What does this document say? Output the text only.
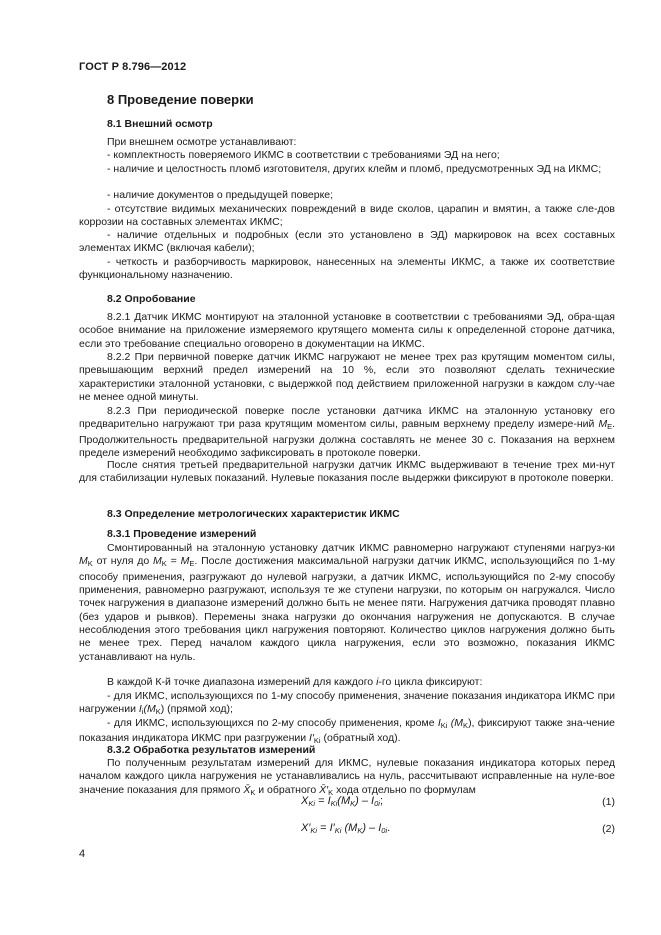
ГОСТ Р 8.796—2012
8 Проведение поверки
8.1 Внешний осмотр
При внешнем осмотре устанавливают:
- комплектность поверяемого ИКМС в соответствии с требованиями ЭД на него;
- наличие и целостность пломб изготовителя, других клейм и пломб, предусмотренных ЭД на ИКМС;
- наличие документов о предыдущей поверке;
- отсутствие видимых механических повреждений в виде сколов, царапин и вмятин, а также сле-дов коррозии на составных элементах ИКМС;
- наличие отдельных и подробных (если это установлено в ЭД) маркировок на всех составных элементах ИКМС (включая кабели);
- четкость и разборчивость маркировок, нанесенных на элементы ИКМС, а также их соответствие функциональному назначению.
8.2 Опробование
8.2.1 Датчик ИКМС монтируют на эталонной установке в соответствии с требованиями ЭД, обра-щая особое внимание на приложение измеряемого крутящего момента силы к определенной стороне датчика, если это требование специально оговорено в документации на ИКМС.
8.2.2 При первичной поверке датчик ИКМС нагружают не менее трех раз крутящим моментом силы, превышающим верхний предел измерений на 10 %, если это позволяют сделать технические характеристики эталонной установки, с выдержкой под действием приложенной нагрузки в каждом слу-чае не менее одной минуты.
8.2.3 При периодической поверке после установки датчика ИКМС на эталонную установку его предварительно нагружают три раза крутящим моментом силы, равным верхнему пределу измере-ний $M_E$. Продолжительность предварительной нагрузки должна составлять не менее 30 с. Показания на верхнем пределе измерений необходимо зафиксировать в протоколе поверки.
После снятия третьей предварительной нагрузки датчик ИКМС выдерживают в течение трех ми-нут для стабилизации нулевых показаний. Нулевые показания после выдержки фиксируют в протоколе поверки.
8.3 Определение метрологических характеристик ИКМС
8.3.1 Проведение измерений
Смонтированный на эталонную установку датчик ИКМС равномерно нагружают ступенями нагруз-ки $M_K$ от нуля до $M_K = M_E$. После достижения максимальной нагрузки датчик ИКМС, использующийся по 1-му способу применения, разгружают до нулевой нагрузки, а датчик ИКМС, использующийся по 2-му способу применения, равномерно разгружают, используя те же ступени нагрузки, по которым он нагружался. Число точек нагружения в диапазоне измерений должно быть не менее пяти. Нагружения датчика проводят плавно (без ударов и рывков). Перемены знака нагрузки до окончания нагружения не допускаются. В случае несоблюдения этого требования цикл нагружения повторяют. Количество циклов нагружения должно быть не менее трех. Перед началом каждого цикла нагружения, если это возможно, показания ИКМС устанавливают на нуль.
В каждой К-й точке диапазона измерений для каждого i-го цикла фиксируют:
- для ИКМС, использующихся по 1-му способу применения, значение показания индикатора ИКМС при нагружении $I_i(M_K)$ (прямой ход);
- для ИКМС, использующихся по 2-му способу применения, кроме $I_{Ki}$ $(M_K)$, фиксируют также зна-чение показания индикатора ИКМС при разгружении $I'_{Ki}$ (обратный ход).
8.3.2 Обработка результатов измерений
По полученным результатам измерений для ИКМС, нулевые показания индикатора которых перед началом каждого цикла нагружения не устанавливались на нуль, рассчитывают исправленные на нуле-вое значение показания для прямого $X̄_K$ и обратного $X̄'_K$ хода отдельно по формулам
$X_{Ki} = I_{Ki}(M_K) - I_{0i}$;	(1)
$X'_{Ki} = I'_{Ki}$ $(M_K) - I_{0i}$.	(2)
4
